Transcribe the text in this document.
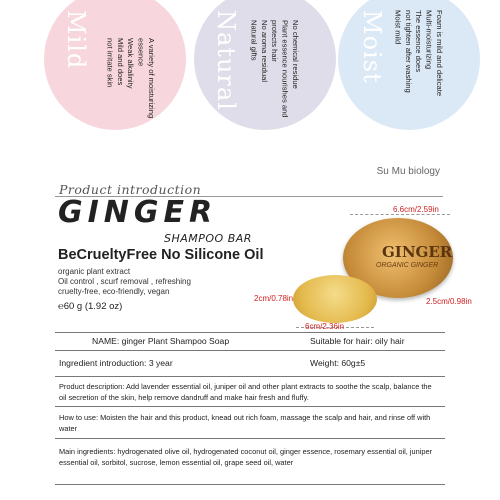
Mild	A variety of moisturizing
essence
Weak alkalinity
Mild and does
not irritate skin	Natural	No chemical residue
Plant essence nourishes and
protects hair
No aroma residual
Natural gifts	Moist	Foam is mild and delicate
Multi-moisturizing
The essence does
not tighten after washing
Moist mild
Su Mu biology
Product introduction
GINGER
SHAMPOO BAR
BeCrueltyFree No Silicone Oil
organic plant extract
Oil control , scurf removal , refreshing
cruelty-free, eco-friendly, vegan
℮60 g (1.92 oz)
6.6cm/2.59in
GINGER
ORGANIC GINGER
2.5cm/0.98in
2cm/0.78in
6cm/2.36in
NAME: ginger Plant Shampoo Soap	Suitable for hair: oily hair
Ingredient introduction: 3 year	Weight: 60g±5
Product description: Add lavender essential oil, juniper oil and other plant extracts to soothe the scalp, balance the oil secretion of the skin, help remove dandruff and make hair fresh and fluffy.
How to use: Moisten the hair and this product, knead out rich foam, massage the scalp and hair, and rinse off with water
Main ingredients: hydrogenated olive oil, hydrogenated coconut oil, ginger essence, rosemary essential oil, juniper essential oil, sorbitol, sucrose, lemon essential oil, grape seed oil, water
